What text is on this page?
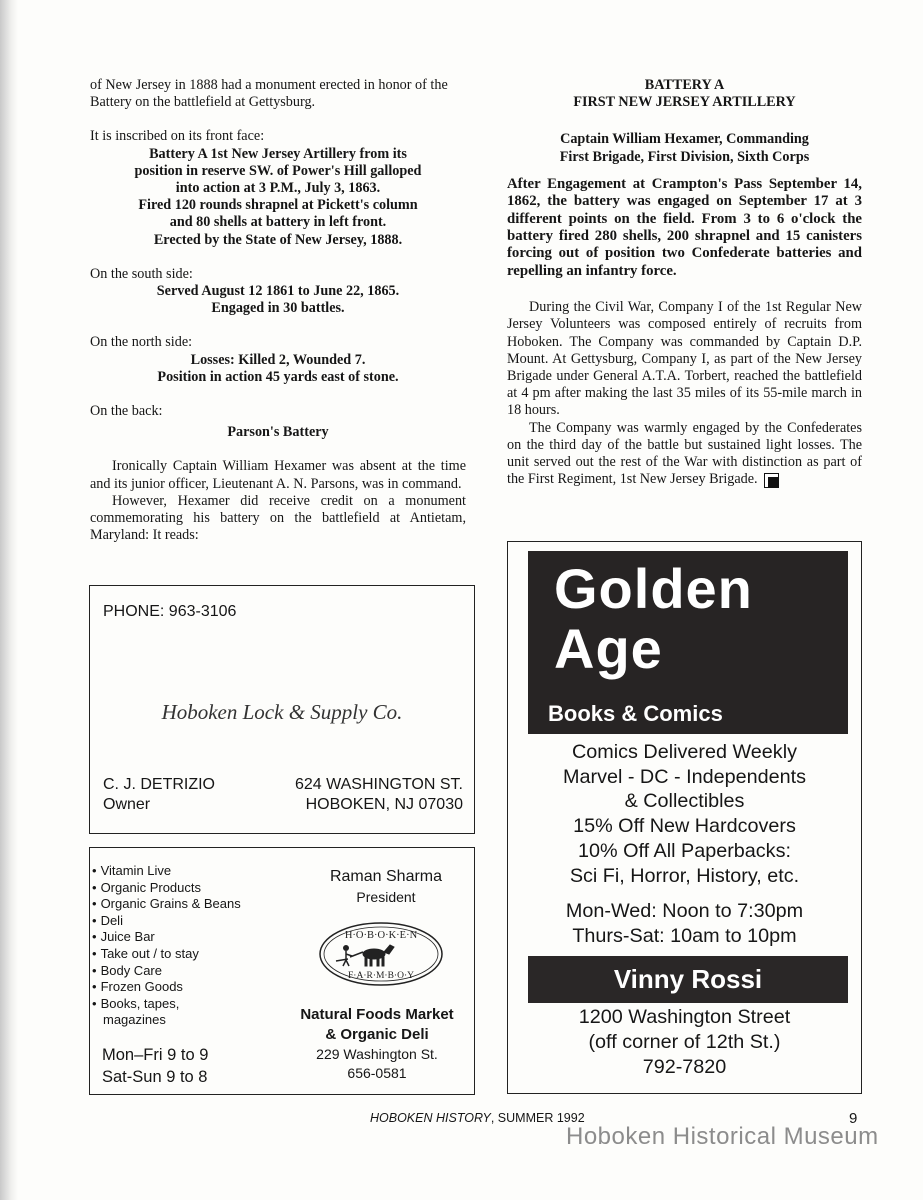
of New Jersey in 1888 had a monument erected in honor of the Battery on the battlefield at Gettysburg.

It is inscribed on its front face:

Battery A 1st New Jersey Artillery from its
position in reserve SW. of Power's Hill galloped
into action at 3 P.M., July 3, 1863.
Fired 120 rounds shrapnel at Pickett's column
and 80 shells at battery in left front.
Erected by the State of New Jersey, 1888.

On the south side:

Served August 12 1861 to June 22, 1865.
Engaged in 30 battles.

On the north side:

Losses: Killed 2, Wounded 7.
Position in action 45 yards east of stone.

On the back:

Parson's Battery

Ironically Captain William Hexamer was absent at the time and its junior officer, Lieutenant A. N. Parsons, was in command.

However, Hexamer did receive credit on a monument commemorating his battery on the battlefield at Antietam, Maryland: It reads:

BATTERY A
FIRST NEW JERSEY ARTILLERY
Captain William Hexamer, Commanding
First Brigade, First Division, Sixth Corps

After Engagement at Crampton's Pass September 14, 1862, the battery was engaged on September 17 at 3 different points on the field. From 3 to 6 o'clock the battery fired 280 shells, 200 shrapnel and 15 canisters forcing out of position two Confederate batteries and repelling an infantry force.

During the Civil War, Company I of the 1st Regular New Jersey Volunteers was composed entirely of recruits from Hoboken. The Company was commanded by Captain D.P. Mount. At Gettysburg, Company I, as part of the New Jersey Brigade under General A.T.A. Torbert, reached the battlefield at 4 pm after making the last 35 miles of its 55-mile march in 18 hours.

The Company was warmly engaged by the Confederates on the third day of the battle but sustained light losses. The unit served out the rest of the War with distinction as part of the First Regiment, 1st New Jersey Brigade.

PHONE: 963-3106
Hoboken Lock & Supply Co.
C. J. DETRIZIO
Owner
624 WASHINGTON ST.
HOBOKEN, NJ 07030
• Vitamin Live
• Organic Products
• Organic Grains & Beans
• Deli
• Juice Bar
• Take out / to stay
• Body Care
• Frozen Goods
• Books, tapes,
magazines
Mon–Fri 9 to 9
Sat-Sun 9 to 8
Raman Sharma
President
H·O·B·O·K·E·N
F·A·R·M·B·O·Y
Natural Foods Market
& Organic Deli
229 Washington St.
656-0581
Golden
Age
Books & Comics
Comics Delivered Weekly
Marvel - DC - Independents
& Collectibles
15% Off New Hardcovers
10% Off All Paperbacks:
Sci Fi, Horror, History, etc.
Mon-Wed: Noon to 7:30pm
Thurs-Sat: 10am to 10pm
Vinny Rossi
1200 Washington Street
(off corner of 12th St.)
792-7820
HOBOKEN HISTORY, SUMMER 1992	9
Hoboken Historical Museum
